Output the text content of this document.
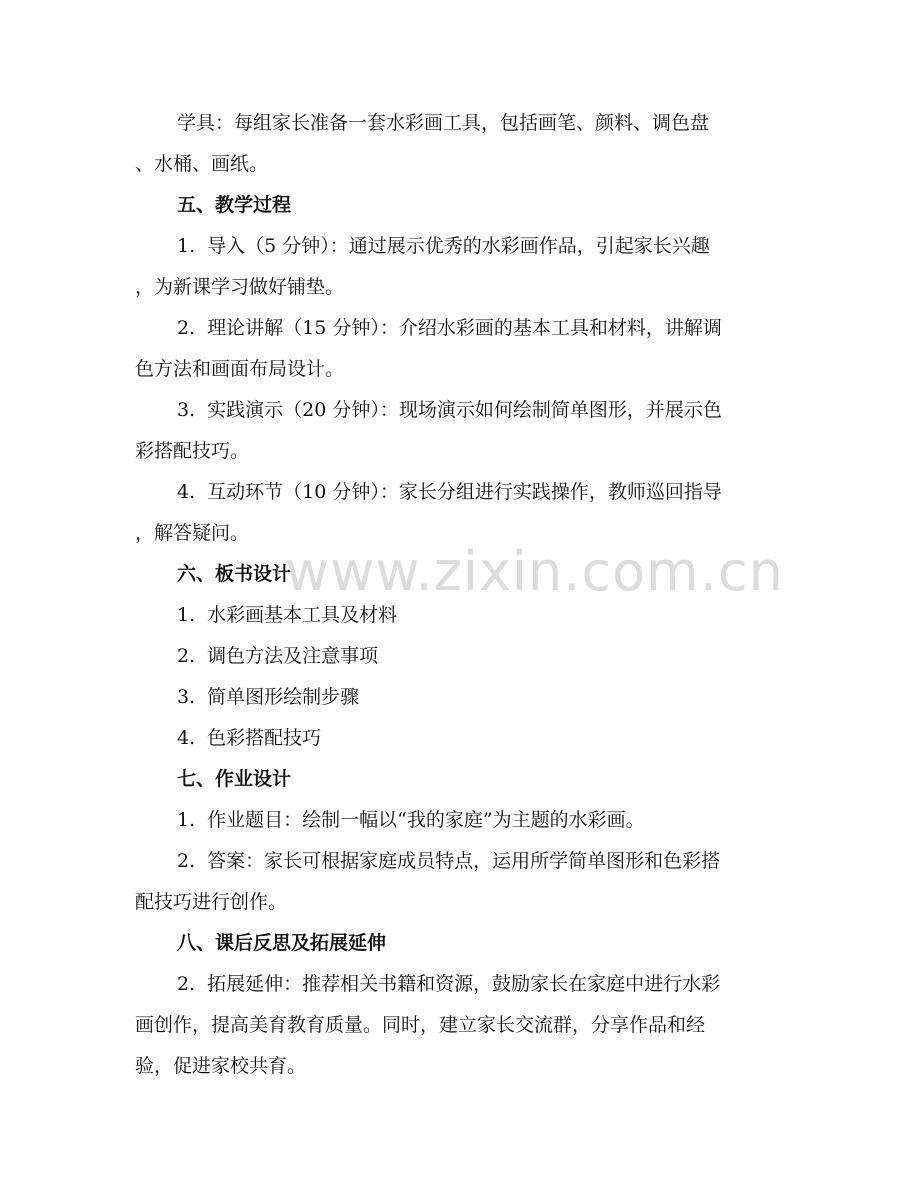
学具：每组家长准备一套水彩画工具，包括画笔、颜料、调色盘
、水桶、画纸。
五、教学过程
1. 导入（5 分钟）：通过展示优秀的水彩画作品，引起家长兴趣
，为新课学习做好铺垫。
2. 理论讲解（15 分钟）：介绍水彩画的基本工具和材料，讲解调
色方法和画面布局设计。
3. 实践演示（20 分钟）：现场演示如何绘制简单图形，并展示色
彩搭配技巧。
4. 互动环节（10 分钟）：家长分组进行实践操作，教师巡回指导
，解答疑问。
六、板书设计
1. 水彩画基本工具及材料
2. 调色方法及注意事项
3. 简单图形绘制步骤
4. 色彩搭配技巧
七、作业设计
1. 作业题目：绘制一幅以“我的家庭”为主题的水彩画。
2. 答案：家长可根据家庭成员特点，运用所学简单图形和色彩搭
配技巧进行创作。
八、课后反思及拓展延伸
2. 拓展延伸：推荐相关书籍和资源，鼓励家长在家庭中进行水彩
画创作，提高美育教育质量。同时，建立家长交流群，分享作品和经
验，促进家校共育。
www.zixin.com.cn
